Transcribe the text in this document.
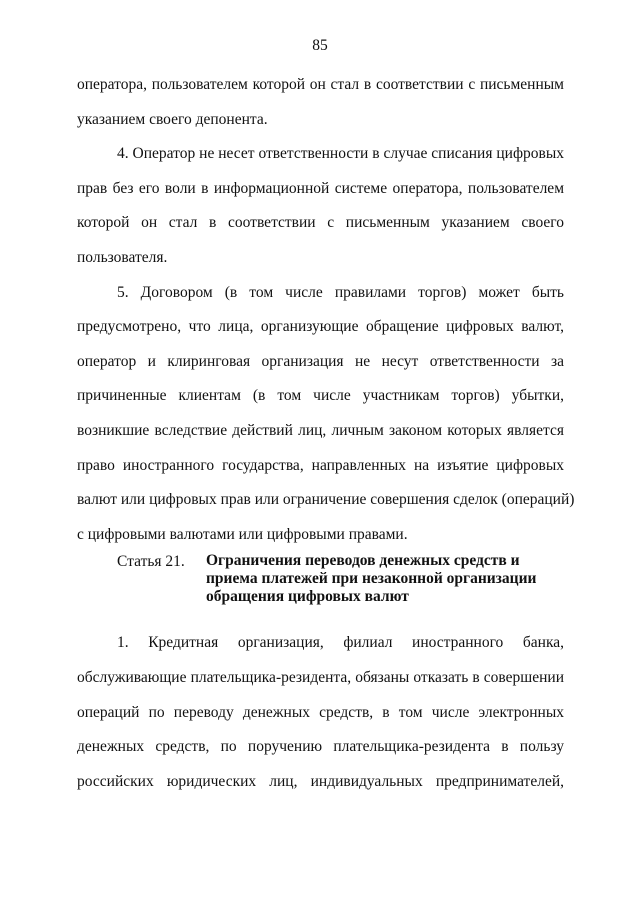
85
оператора, пользователем которой он стал в соответствии с письменным
указанием своего депонента.
4. Оператор не несет ответственности в случае списания цифровых
прав без его воли в информационной системе оператора, пользователем
которой он стал в соответствии с письменным указанием своего
пользователя.
5. Договором (в том числе правилами торгов) может быть
предусмотрено, что лица, организующие обращение цифровых валют,
оператор и клиринговая организация не несут ответственности за
причиненные клиентам (в том числе участникам торгов) убытки,
возникшие вследствие действий лиц, личным законом которых является
право иностранного государства, направленных на изъятие цифровых
валют или цифровых прав или ограничение совершения сделок (операций)
с цифровыми валютами или цифровыми правами.
Статья 21. Ограничения переводов денежных средств и
приема платежей при незаконной организации
обращения цифровых валют
1. Кредитная организация, филиал иностранного банка,
обслуживающие плательщика-резидента, обязаны отказать в совершении
операций по переводу денежных средств, в том числе электронных
денежных средств, по поручению плательщика-резидента в пользу
российских юридических лиц, индивидуальных предпринимателей,
